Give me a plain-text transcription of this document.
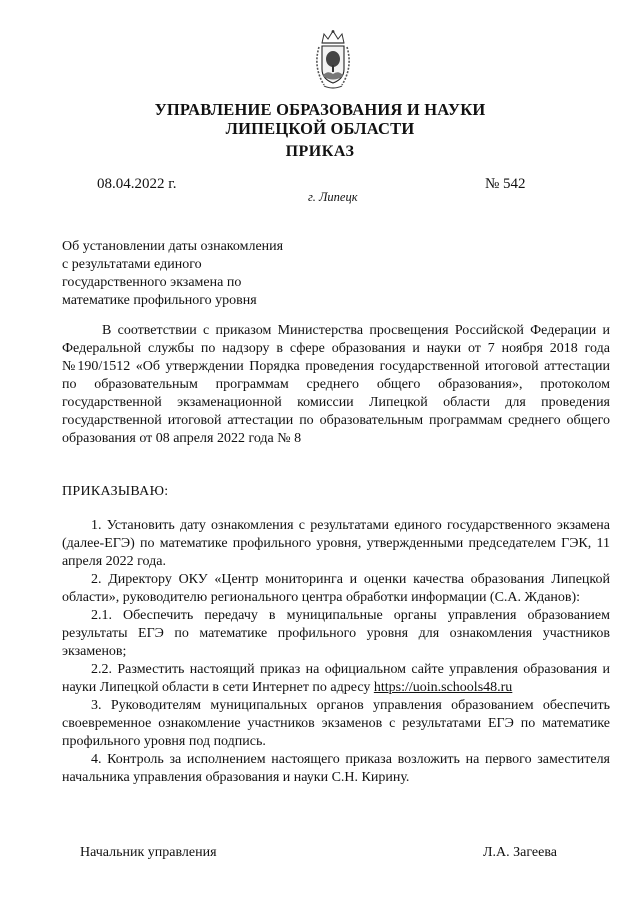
УПРАВЛЕНИЕ ОБРАЗОВАНИЯ И НАУКИ
ЛИПЕЦКОЙ ОБЛАСТИ
ПРИКАЗ
08.04.2022 г.	№ 542
г. Липецк
Об установлении даты ознакомления
с результатами единого
государственного экзамена по
математике профильного уровня
В соответствии с приказом Министерства просвещения Российской Федерации и Федеральной службы по надзору в сфере образования и науки от 7 ноября 2018 года №190/1512 «Об утверждении Порядка проведения государственной итоговой аттестации по образовательным программам среднего общего образования», протоколом государственной экзаменационной комиссии Липецкой области для проведения государственной итоговой аттестации по образовательным программам среднего общего образования от 08 апреля 2022 года № 8
ПРИКАЗЫВАЮ:

1. Установить дату ознакомления с результатами единого государственного экзамена (далее-ЕГЭ) по математике профильного уровня, утвержденными председателем ГЭК, 11 апреля 2022 года.

2. Директору ОКУ «Центр мониторинга и оценки качества образования Липецкой области», руководителю регионального центра обработки информации (С.А. Жданов):

2.1. Обеспечить передачу в муниципальные органы управления образованием результаты ЕГЭ по математике профильного уровня для ознакомления участников экзаменов;

2.2. Разместить настоящий приказ на официальном сайте управления образования и науки Липецкой области в сети Интернет по адресу https://uoin.schools48.ru

3. Руководителям муниципальных органов управления образованием обеспечить своевременное ознакомление участников экзаменов с результатами ЕГЭ по математике профильного уровня под подпись.

4. Контроль за исполнением настоящего приказа возложить на первого заместителя начальника управления образования и науки С.Н. Кирину.

Начальник управления	Л.А. Загеева
